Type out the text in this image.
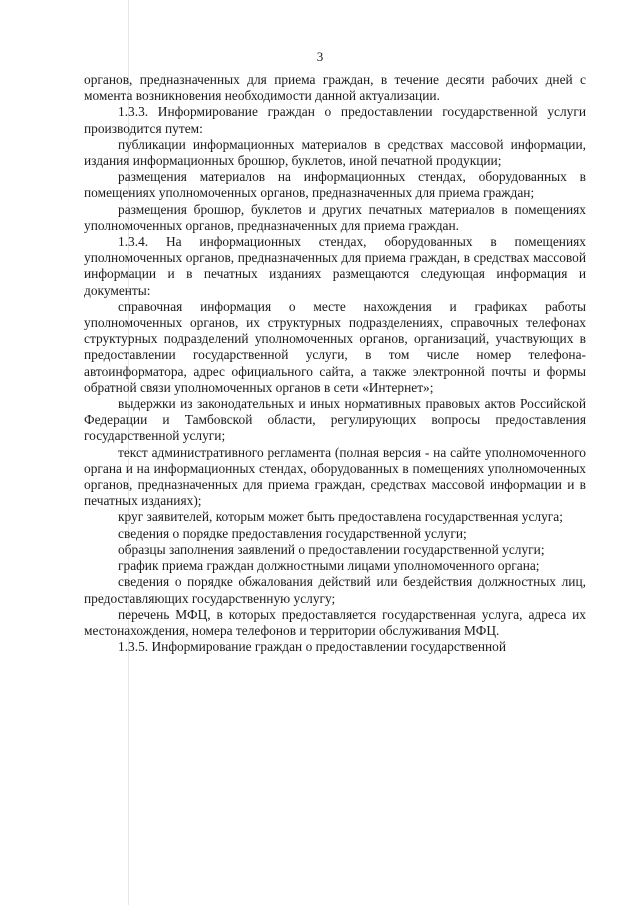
3

органов, предназначенных для приема граждан, в течение десяти рабочих дней с момента возникновения необходимости данной актуализации.

1.3.3. Информирование граждан о предоставлении государственной услуги производится путем:

публикации информационных материалов в средствах массовой информации, издания информационных брошюр, буклетов, иной печатной продукции;

размещения материалов на информационных стендах, оборудованных в помещениях уполномоченных органов, предназначенных для приема граждан;

размещения брошюр, буклетов и других печатных материалов в помещениях уполномоченных органов, предназначенных для приема граждан.

1.3.4. На информационных стендах, оборудованных в помещениях уполномоченных органов, предназначенных для приема граждан, в средствах массовой информации и в печатных изданиях размещаются следующая информация и документы:

справочная информация о месте нахождения и графиках работы уполномоченных органов, их структурных подразделениях, справочных телефонах структурных подразделений уполномоченных органов, организаций, участвующих в предоставлении государственной услуги, в том числе номер телефона-автоинформатора, адрес официального сайта, а также электронной почты и формы обратной связи уполномоченных органов в сети «Интернет»;

выдержки из законодательных и иных нормативных правовых актов Российской Федерации и Тамбовской области, регулирующих вопросы предоставления государственной услуги;

текст административного регламента (полная версия - на сайте уполномоченного органа и на информационных стендах, оборудованных в помещениях уполномоченных органов, предназначенных для приема граждан, средствах массовой информации и в печатных изданиях);

круг заявителей, которым может быть предоставлена государственная услуга;

сведения о порядке предоставления государственной услуги;

образцы заполнения заявлений о предоставлении государственной услуги;

график приема граждан должностными лицами уполномоченного органа;

сведения о порядке обжалования действий или бездействия должностных лиц, предоставляющих государственную услугу;

перечень МФЦ, в которых предоставляется государственная услуга, адреса их местонахождения, номера телефонов и территории обслуживания МФЦ.

1.3.5. Информирование граждан о предоставлении государственной
